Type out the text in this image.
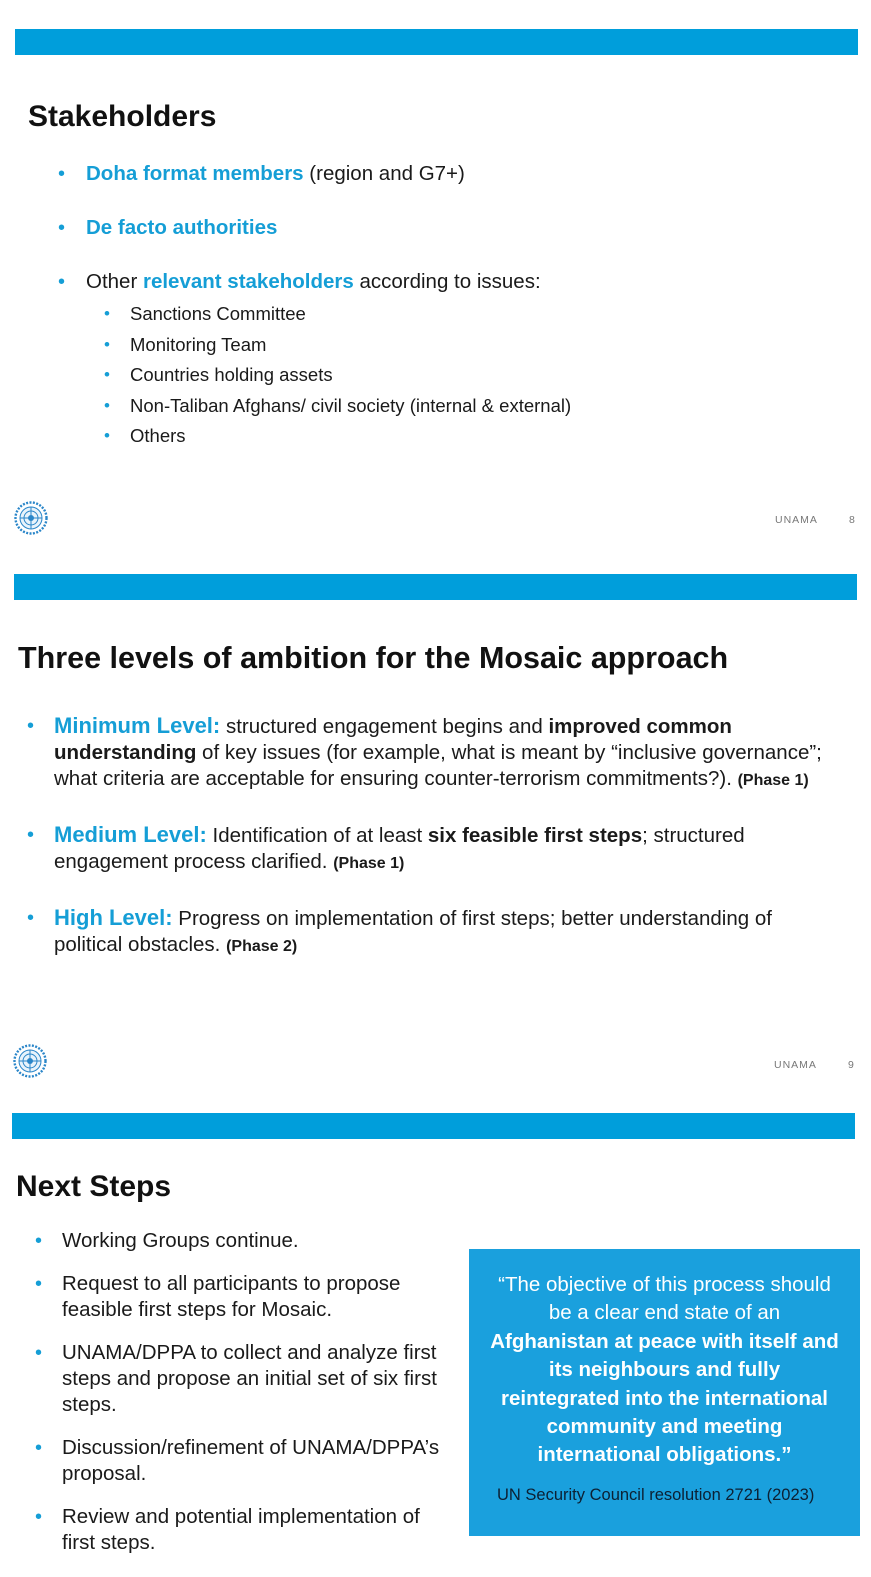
Stakeholders
• Doha format members (region and G7+)
• De facto authorities
• Other relevant stakeholders according to issues:
• Sanctions Committee
• Monitoring Team
• Countries holding assets
• Non-Taliban Afghans/ civil society (internal & external)
• Others
UNAMA	8
Three levels of ambition for the Mosaic approach
• Minimum Level: structured engagement begins and improved common understanding of key issues (for example, what is meant by “inclusive governance”; what criteria are acceptable for ensuring counter-terrorism commitments?). (Phase 1)
• Medium Level: Identification of at least six feasible first steps; structured engagement process clarified. (Phase 1)
• High Level: Progress on implementation of first steps; better understanding of political obstacles. (Phase 2)
UNAMA	9
Next Steps
• Working Groups continue.
• Request to all participants to propose feasible first steps for Mosaic.
• UNAMA/DPPA to collect and analyze first steps and propose an initial set of six first steps.
• Discussion/refinement of UNAMA/DPPA’s proposal.
• Review and potential implementation of first steps.

“The objective of this process should be a clear end state of an Afghanistan at peace with itself and its neighbours and fully reintegrated into the international community and meeting international obligations.”

UN Security Council resolution 2721 (2023)
